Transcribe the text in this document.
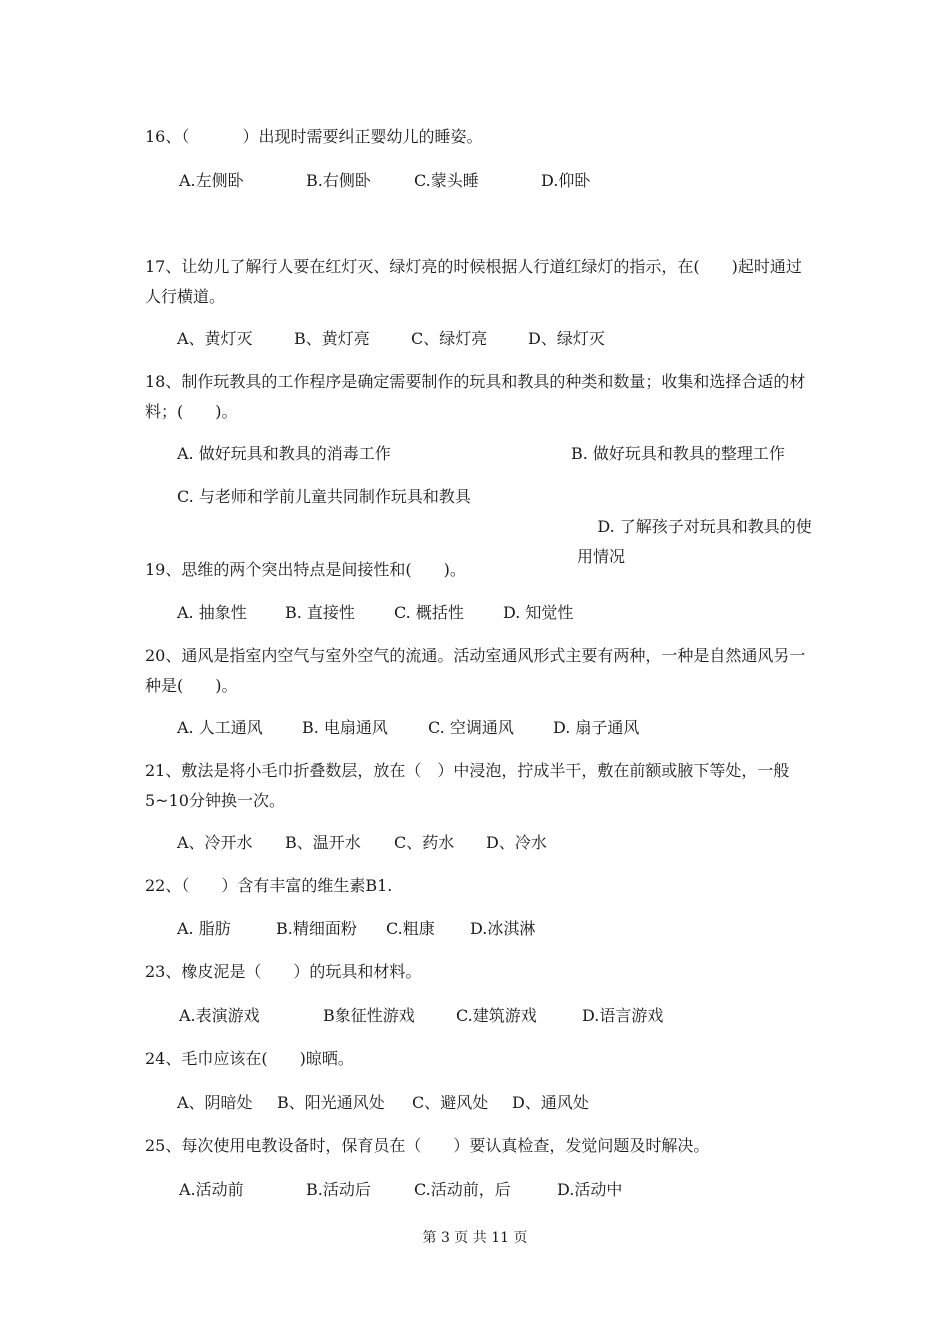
16、（　　　 ）出现时需要纠正婴幼儿的睡姿。

A.左侧卧	B.右侧卧	C.蒙头睡	D.仰卧

17、让幼儿了解行人要在红灯灭、绿灯亮的时候根据人行道红绿灯的指示，在(　　)起时通过人行横道。

A、黄灯灭	B、黄灯亮	C、绿灯亮	D、绿灯灭

18、制作玩教具的工作程序是确定需要制作的玩具和教具的种类和数量；收集和选择合适的材料；(　　)。

A. 做好玩具和教具的消毒工作	B. 做好玩具和教具的整理工作
C. 与老师和学前儿童共同制作玩具和教具

D. 了解孩子对玩具和教具的使用情况

19、思维的两个突出特点是间接性和(　　)。

A. 抽象性 B. 直接性 C. 概括性 D. 知觉性

20、通风是指室内空气与室外空气的流通。活动室通风形式主要有两种，一种是自然通风另一种是(　　)。

A. 人工通风 B. 电扇通风	C. 空调通风 D. 扇子通风

21、敷法是将小毛巾折叠数层，放在（　）中浸泡，拧成半干，敷在前额或腋下等处，一般5~10分钟换一次。

A、冷开水 B、温开水 C、药水 D、冷水

22、（　　）含有丰富的维生素B1.

A. 脂肪	B.精细面粉 C.粗康 D.冰淇淋

23、橡皮泥是（　　）的玩具和材料。

A.表演游戏	B象征性游戏	C.建筑游戏	D.语言游戏

24、毛巾应该在(　　)晾晒。

A、阴暗处 B、阳光通风处 C、避风处 D、通风处

25、每次使用电教设备时，保育员在（　　）要认真检查，发觉问题及时解决。

A.活动前	B.活动后	C.活动前，后	D.活动中
第 3 页 共 11 页
